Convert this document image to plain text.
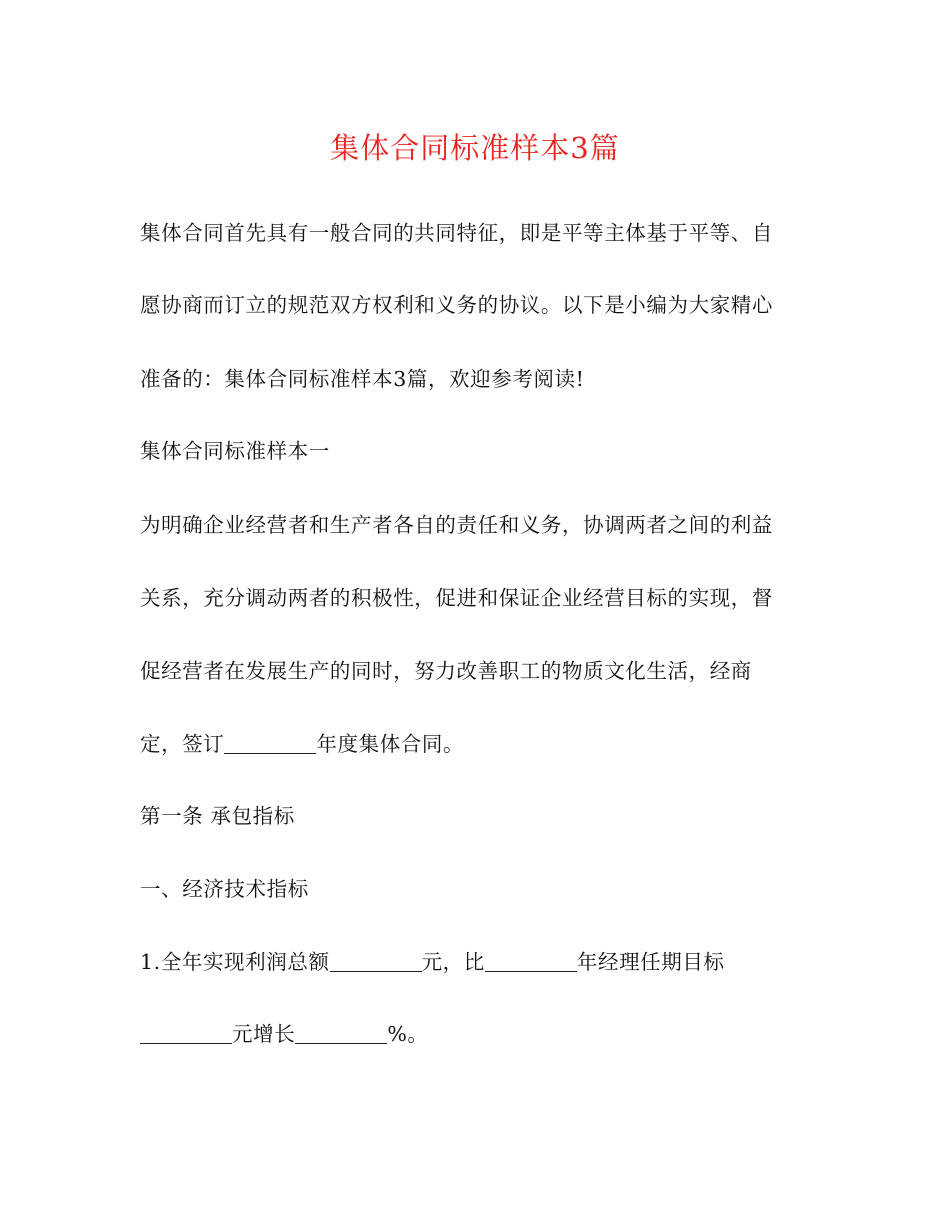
集体合同标准样本3篇
集体合同首先具有一般合同的共同特征，即是平等主体基于平等、自
愿协商而订立的规范双方权利和义务的协议。以下是小编为大家精心
准备的：集体合同标准样本3篇，欢迎参考阅读!
集体合同标准样本一
为明确企业经营者和生产者各自的责任和义务，协调两者之间的利益
关系，充分调动两者的积极性，促进和保证企业经营目标的实现，督
促经营者在发展生产的同时，努力改善职工的物质文化生活，经商
定，签订	年度集体合同。
第一条 承包指标
一、经济技术指标
1.全年实现利润总额	元，比	年经理任期目标
元增长	%。
